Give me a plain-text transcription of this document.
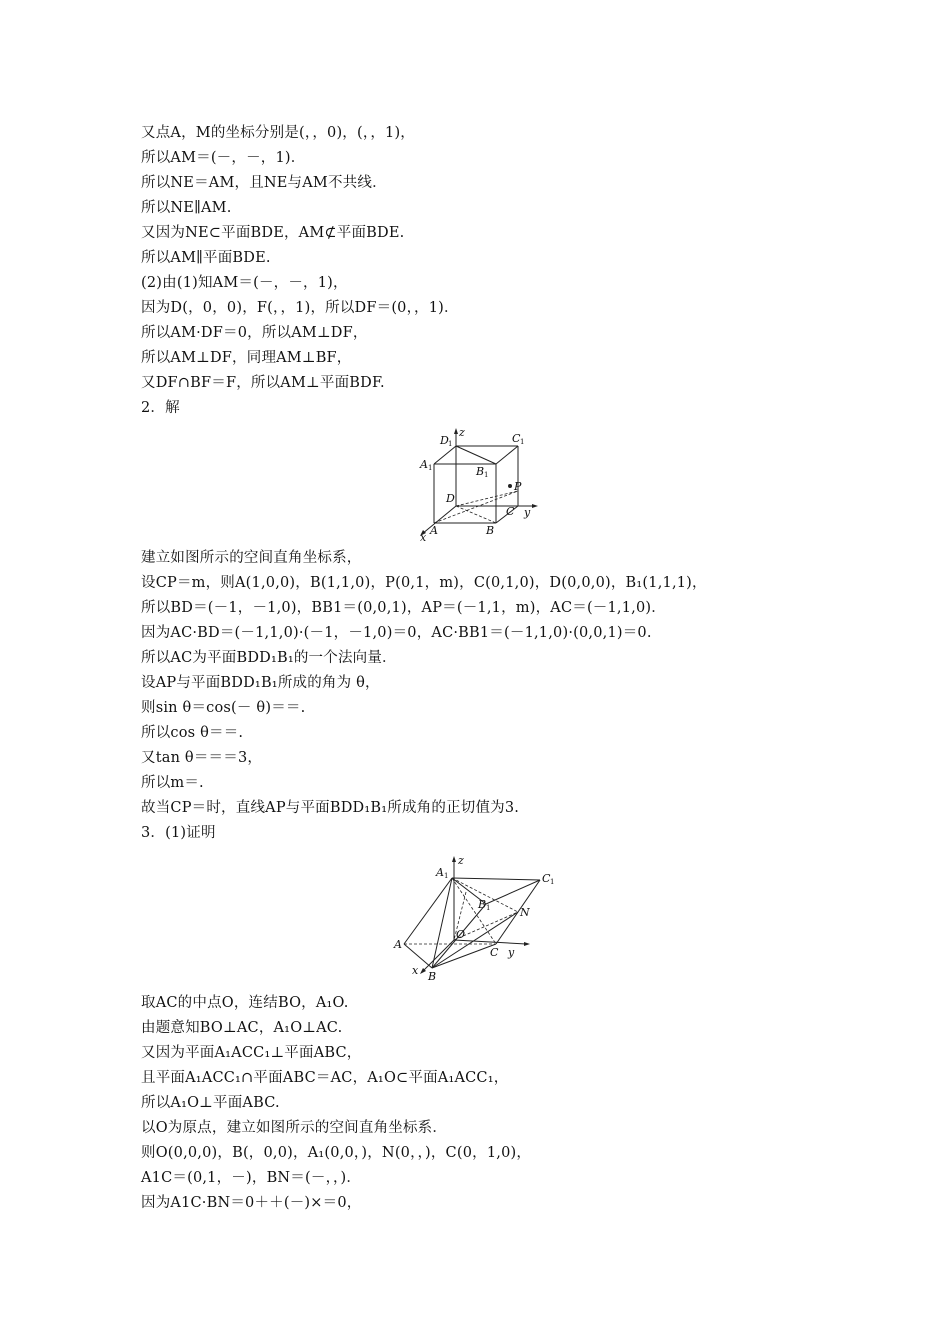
又点A，M的坐标分别是(，，0)，(，，1)，
所以AM＝(－，－，1)．
所以NE＝AM，且NE与AM不共线．
所以NE∥AM.
又因为NE⊂平面BDE，AM⊄平面BDE.
所以AM∥平面BDE.
(2)由(1)知AM＝(－，－，1)，
因为D(，0，0)，F(，，1)，所以DF＝(0，，1)．
所以AM·DF＝0，所以AM⊥DF，
所以AM⊥DF，同理AM⊥BF，
又DF∩BF＝F，所以AM⊥平面BDF.
2．解
z
y
x
D 1	C 1
A 1	B 1
D
P
C
A	B
建立如图所示的空间直角坐标系，
设CP＝m，则A(1,0,0)，B(1,1,0)，P(0,1，m)，C(0,1,0)，D(0,0,0)，B₁(1,1,1)，
所以BD＝(－1，－1,0)，BB1＝(0,0,1)，AP＝(－1,1，m)，AC＝(－1,1,0)．
因为AC·BD＝(－1,1,0)·(－1，－1,0)＝0，AC·BB1＝(－1,1,0)·(0,0,1)＝0.
所以AC为平面BDD₁B₁的一个法向量．
设AP与平面BDD₁B₁所成的角为 θ，
则sin θ＝cos(－ θ)＝＝.
所以cos θ＝＝.
又tan θ＝＝＝3，
所以m＝.
故当CP＝时，直线AP与平面BDD₁B₁所成角的正切值为3.
3．(1)证明
z
y
x
A 1	C 1
B 1	N
O
A
C
B
取AC的中点O，连结BO，A₁O.
由题意知BO⊥AC，A₁O⊥AC.
又因为平面A₁ACC₁⊥平面ABC，
且平面A₁ACC₁∩平面ABC＝AC，A₁O⊂平面A₁ACC₁，
所以A₁O⊥平面ABC.
以O为原点，建立如图所示的空间直角坐标系．
则O(0,0,0)，B(，0,0)，A₁(0,0，)，N(0，，)，C(0，1,0)，
A1C＝(0,1，－)，BN＝(－，，)．
因为A1C·BN＝0＋＋(－)×＝0，
